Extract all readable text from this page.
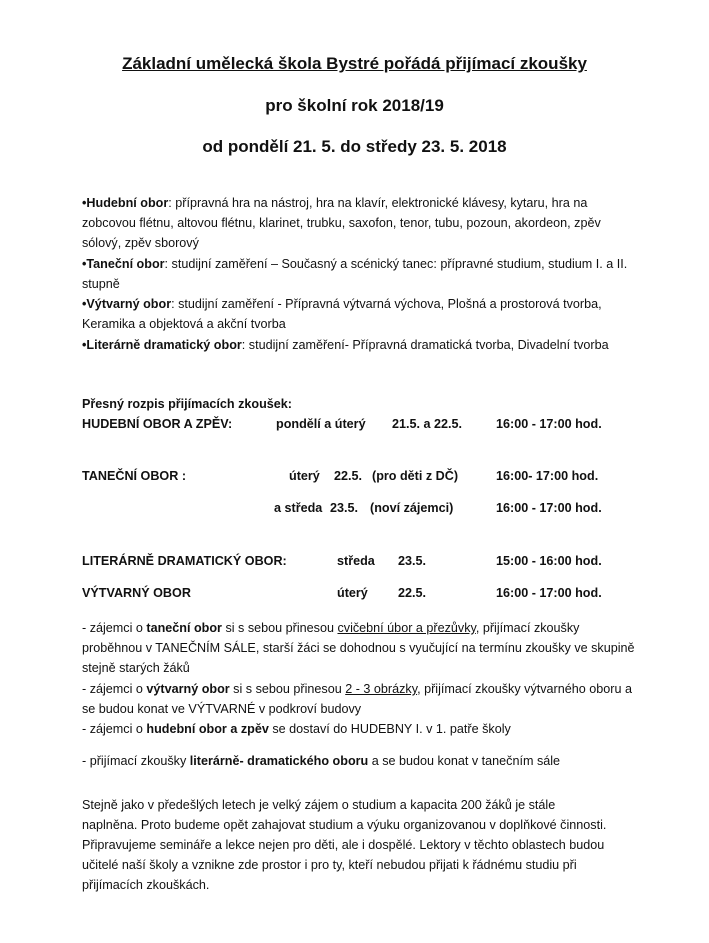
Základní umělecká škola Bystré pořádá přijímací zkoušky
pro školní rok 2018/19
od pondělí 21. 5. do středy 23. 5. 2018
•Hudební obor: přípravná hra na nástroj, hra na klavír, elektronické klávesy, kytaru, hra na zobcovou flétnu, altovou flétnu, klarinet, trubku, saxofon, tenor, tubu, pozoun, akordeon, zpěv sólový, zpěv sborový
•Taneční obor: studijní zaměření – Současný a scénický tanec: přípravné studium, studium I. a II. stupně
•Výtvarný obor: studijní zaměření - Přípravná výtvarná výchova, Plošná a prostorová tvorba, Keramika a objektová a akční tvorba
•Literárně dramatický obor: studijní zaměření- Přípravná dramatická tvorba, Divadelní tvorba
Přesný rozpis přijímacích zkoušek:
HUDEBNÍ OBOR A ZPĚV:	pondělí a úterý 21.5. a 22.5.	16:00 - 17:00 hod.
TANEČNÍ OBOR :	úterý 22.5. (pro děti z DČ)	16:00- 17:00 hod.
a středa 23.5. (noví zájemci)	16:00 - 17:00 hod.
LITERÁRNĚ DRAMATICKÝ OBOR:	středa 23.5.	15:00 - 16:00 hod.
VÝTVARNÝ OBOR	úterý 22.5.	16:00 - 17:00 hod.
- zájemci o taneční obor si s sebou přinesou cvičební úbor a přezůvky, přijímací zkoušky proběhnou v TANEČNÍM SÁLE, starší žáci se dohodnou s vyučující na termínu zkoušky ve skupině stejně starých žáků
- zájemci o výtvarný obor si s sebou přinesou 2 - 3 obrázky, přijímací zkoušky výtvarného oboru a se budou konat ve VÝTVARNÉ v podkroví budovy
- zájemci o hudební obor a zpěv se dostaví do HUDEBNY I. v 1. patře školy
- přijímací zkoušky literárně- dramatického oboru a se budou konat v tanečním sále
Stejně jako v předešlých letech je velký zájem o studium a kapacita 200 žáků je stále naplněna. Proto budeme opět zahajovat studium a výuku organizovanou v doplňkové činnosti. Připravujeme semináře a lekce nejen pro děti, ale i dospělé. Lektory v těchto oblastech budou učitelé naší školy a vznikne zde prostor i pro ty, kteří nebudou přijati k řádnému studiu při přijímacích zkouškách.
